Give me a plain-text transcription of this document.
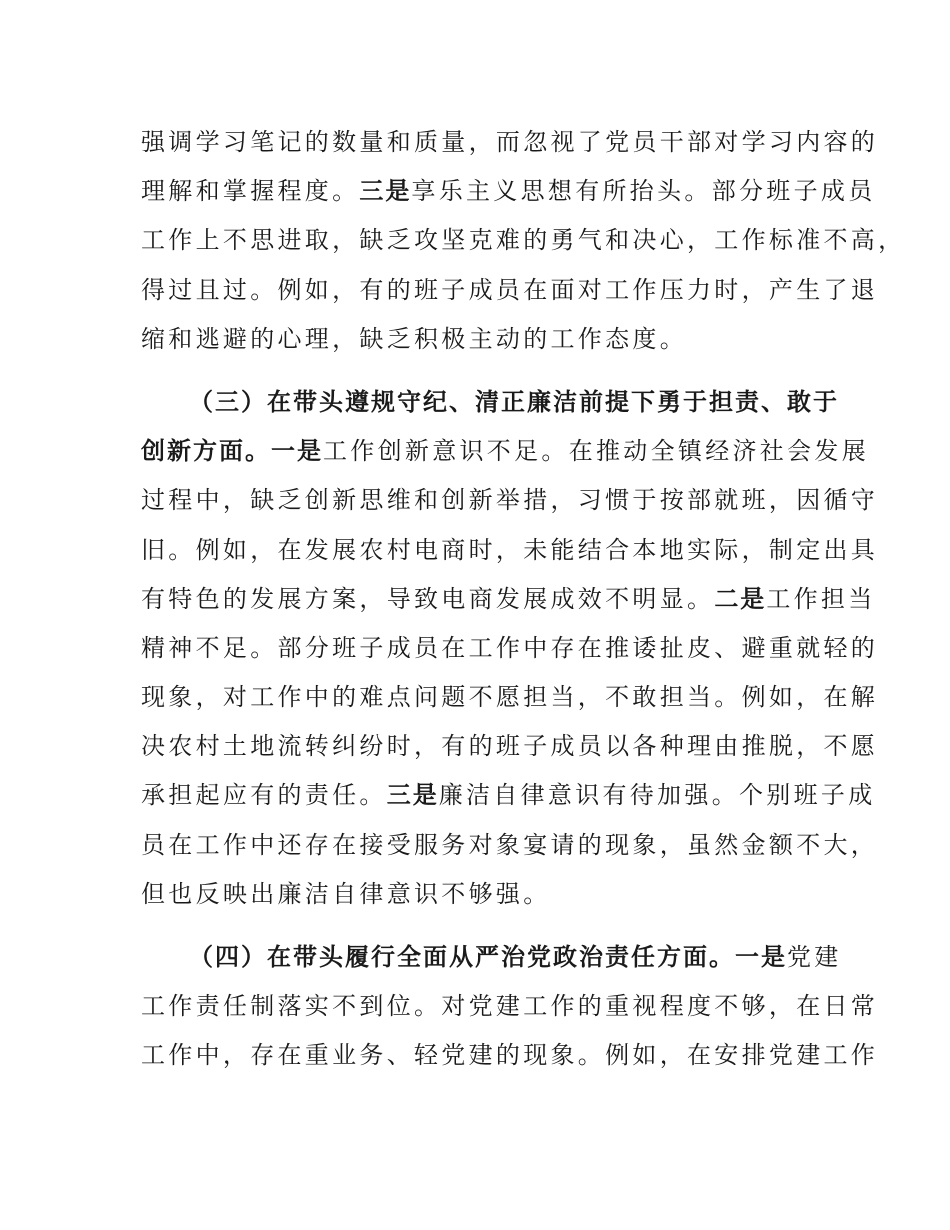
强调学习笔记的数量和质量，而忽视了党员干部对学习内容的
理解和掌握程度。三是享乐主义思想有所抬头。部分班子成员
工作上不思进取，缺乏攻坚克难的勇气和决心，工作标准不高，
得过且过。例如，有的班子成员在面对工作压力时，产生了退
缩和逃避的心理，缺乏积极主动的工作态度。
（三）在带头遵规守纪、清正廉洁前提下勇于担责、敢于
创新方面。一是工作创新意识不足。在推动全镇经济社会发展
过程中，缺乏创新思维和创新举措，习惯于按部就班，因循守
旧。例如，在发展农村电商时，未能结合本地实际，制定出具
有特色的发展方案，导致电商发展成效不明显。二是工作担当
精神不足。部分班子成员在工作中存在推诿扯皮、避重就轻的
现象，对工作中的难点问题不愿担当，不敢担当。例如，在解
决农村土地流转纠纷时，有的班子成员以各种理由推脱，不愿
承担起应有的责任。三是廉洁自律意识有待加强。个别班子成
员在工作中还存在接受服务对象宴请的现象，虽然金额不大，
但也反映出廉洁自律意识不够强。
（四）在带头履行全面从严治党政治责任方面。一是党建
工作责任制落实不到位。对党建工作的重视程度不够，在日常
工作中，存在重业务、轻党建的现象。例如，在安排党建工作
